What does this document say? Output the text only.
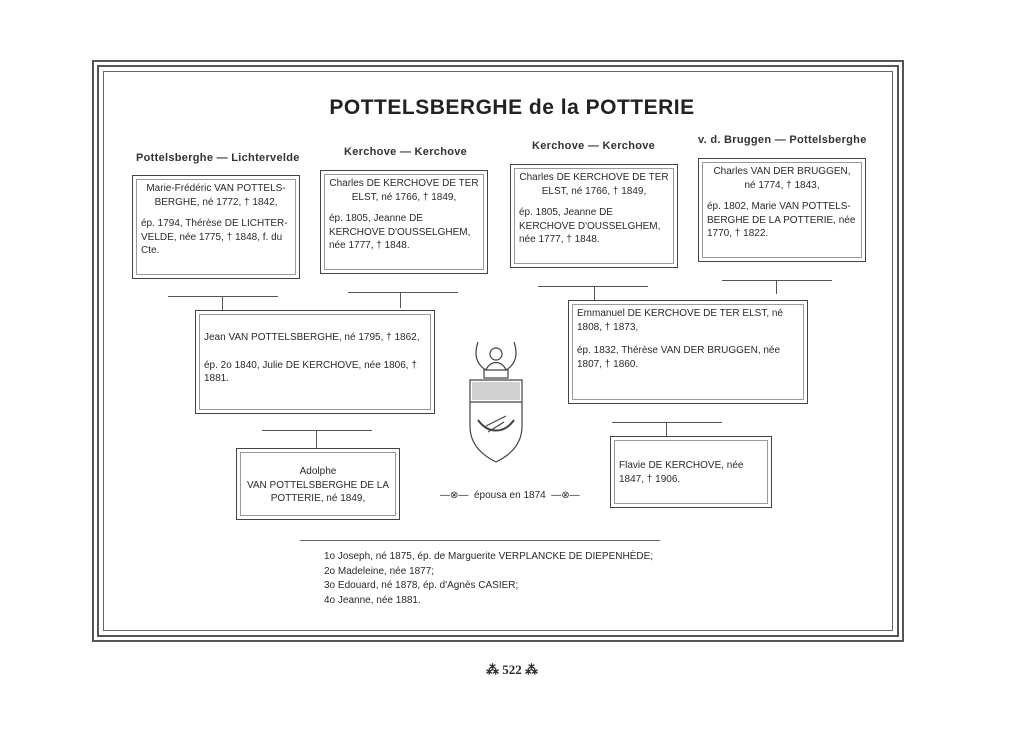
POTTELSBERGHE de la POTTERIE
Pottelsberghe — Lichtervelde	Kerchove — Kerchove	Kerchove — Kerchove	v. d. Bruggen — Pottelsberghe

Marie-Frédéric VAN POTTELS-BERGHE, né 1772, † 1842,

ép. 1794, Thérèse DE LICHTER-VELDE, née 1775, † 1848, f. du Cte.

Charles DE KERCHOVE DE TER ELST, né 1766, † 1849,

ép. 1805, Jeanne DE KERCHOVE D'OUSSELGHEM, née 1777, † 1848.

Charles DE KERCHOVE DE TER ELST, né 1766, † 1849,

ép. 1805, Jeanne DE KERCHOVE D'OUSSELGHEM, née 1777, † 1848.

Charles VAN DER BRUGGEN, né 1774, † 1843,

ép. 1802, Marie VAN POTTELS-BERGHE DE LA POTTERIE, née 1770, † 1822.

Jean VAN POTTELSBERGHE, né 1795, † 1862,

ép. 2o 1840, Julie DE KERCHOVE, née 1806, † 1881.

Emmanuel DE KERCHOVE DE TER ELST, né 1808, † 1873,

ép. 1832, Thérèse VAN DER BRUGGEN, née 1807, † 1860.

Adolphe

VAN POTTELSBERGHE DE LA POTTERIE, né 1849,

Flavie DE KERCHOVE, née 1847, † 1906.

—⊗— épousa en 1874 —⊗—
1o Joseph, né 1875, ép. de Marguerite VERPLANCKE DE DIEPENHÈDE;
2o Madeleine, née 1877;
3o Edouard, né 1878, ép. d'Agnès CASIER;
4o Jeanne, née 1881.
⁂ 522 ⁂
